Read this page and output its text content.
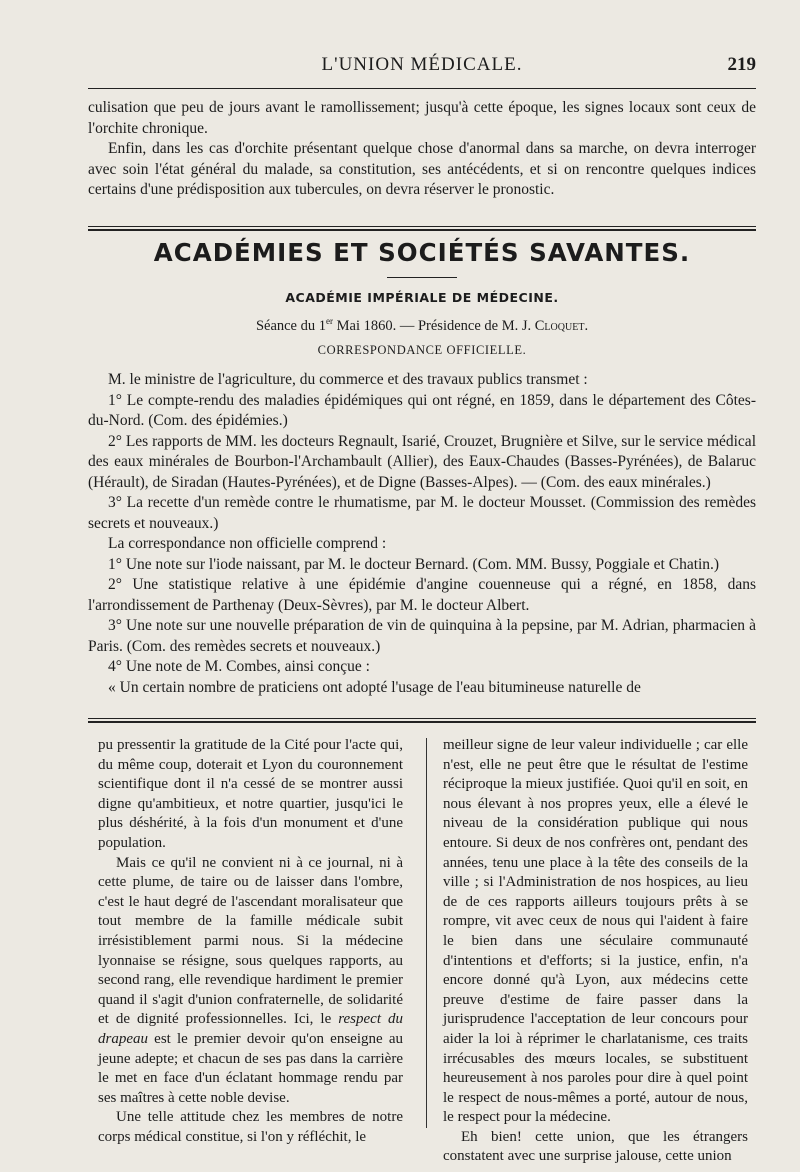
L'UNION MÉDICALE.	219

culisation que peu de jours avant le ramollissement; jusqu'à cette époque, les signes locaux sont ceux de l'orchite chronique.

Enfin, dans les cas d'orchite présentant quelque chose d'anormal dans sa marche, on devra interroger avec soin l'état général du malade, sa constitution, ses antécédents, et si on rencontre quelques indices certains d'une prédisposition aux tubercules, on devra réserver le pronostic.

ACADÉMIES ET SOCIÉTÉS SAVANTES.
ACADÉMIE IMPÉRIALE DE MÉDECINE.
Séance du 1er Mai 1860. — Présidence de M. J. Cloquet.
CORRESPONDANCE OFFICIELLE.

M. le ministre de l'agriculture, du commerce et des travaux publics transmet :

1° Le compte-rendu des maladies épidémiques qui ont régné, en 1859, dans le département des Côtes-du-Nord. (Com. des épidémies.)

2° Les rapports de MM. les docteurs Regnault, Isarié, Crouzet, Brugnière et Silve, sur le service médical des eaux minérales de Bourbon-l'Archambault (Allier), des Eaux-Chaudes (Basses-Pyrénées), de Balaruc (Hérault), de Siradan (Hautes-Pyrénées), et de Digne (Basses-Alpes). — (Com. des eaux minérales.)

3° La recette d'un remède contre le rhumatisme, par M. le docteur Mousset. (Commission des remèdes secrets et nouveaux.)

La correspondance non officielle comprend :

1° Une note sur l'iode naissant, par M. le docteur Bernard. (Com. MM. Bussy, Poggiale et Chatin.)

2° Une statistique relative à une épidémie d'angine couenneuse qui a régné, en 1858, dans l'arrondissement de Parthenay (Deux-Sèvres), par M. le docteur Albert.

3° Une note sur une nouvelle préparation de vin de quinquina à la pepsine, par M. Adrian, pharmacien à Paris. (Com. des remèdes secrets et nouveaux.)

4° Une note de M. Combes, ainsi conçue :

« Un certain nombre de praticiens ont adopté l'usage de l'eau bitumineuse naturelle de

pu pressentir la gratitude de la Cité pour l'acte qui, du même coup, doterait et Lyon du couronnement scientifique dont il n'a cessé de se montrer aussi digne qu'ambitieux, et notre quartier, jusqu'ici le plus déshérité, à la fois d'un monument et d'une population.

Mais ce qu'il ne convient ni à ce journal, ni à cette plume, de taire ou de laisser dans l'ombre, c'est le haut degré de l'ascendant moralisateur que tout membre de la famille médicale subit irrésistiblement parmi nous. Si la médecine lyonnaise se résigne, sous quelques rapports, au second rang, elle revendique hardiment le premier quand il s'agit d'union confraternelle, de solidarité et de dignité professionnelles. Ici, le respect du drapeau est le premier devoir qu'on enseigne au jeune adepte; et chacun de ses pas dans la carrière le met en face d'un éclatant hommage rendu par ses maîtres à cette noble devise.

Une telle attitude chez les membres de notre corps médical constitue, si l'on y réfléchit, le

meilleur signe de leur valeur individuelle ; car elle n'est, elle ne peut être que le résultat de l'estime réciproque la mieux justifiée. Quoi qu'il en soit, en nous élevant à nos propres yeux, elle a élevé le niveau de la considération publique qui nous entoure. Si deux de nos confrères ont, pendant des années, tenu une place à la tête des conseils de la ville ; si l'Administration de nos hospices, au lieu de de ces rapports ailleurs toujours prêts à se rompre, vit avec ceux de nous qui l'aident à faire le bien dans une séculaire communauté d'intentions et d'efforts; si la justice, enfin, n'a encore donné qu'à Lyon, aux médecins cette preuve d'estime de faire passer dans la jurisprudence l'acceptation de leur concours pour aider la loi à réprimer le charlatanisme, ces traits irrécusables des mœurs locales, se substituent heureusement à nos paroles pour dire à quel point le respect de nous-mêmes a porté, autour de nous, le respect pour la médecine.

Eh bien! cette union, que les étrangers constatent avec une surprise jalouse, cette union
